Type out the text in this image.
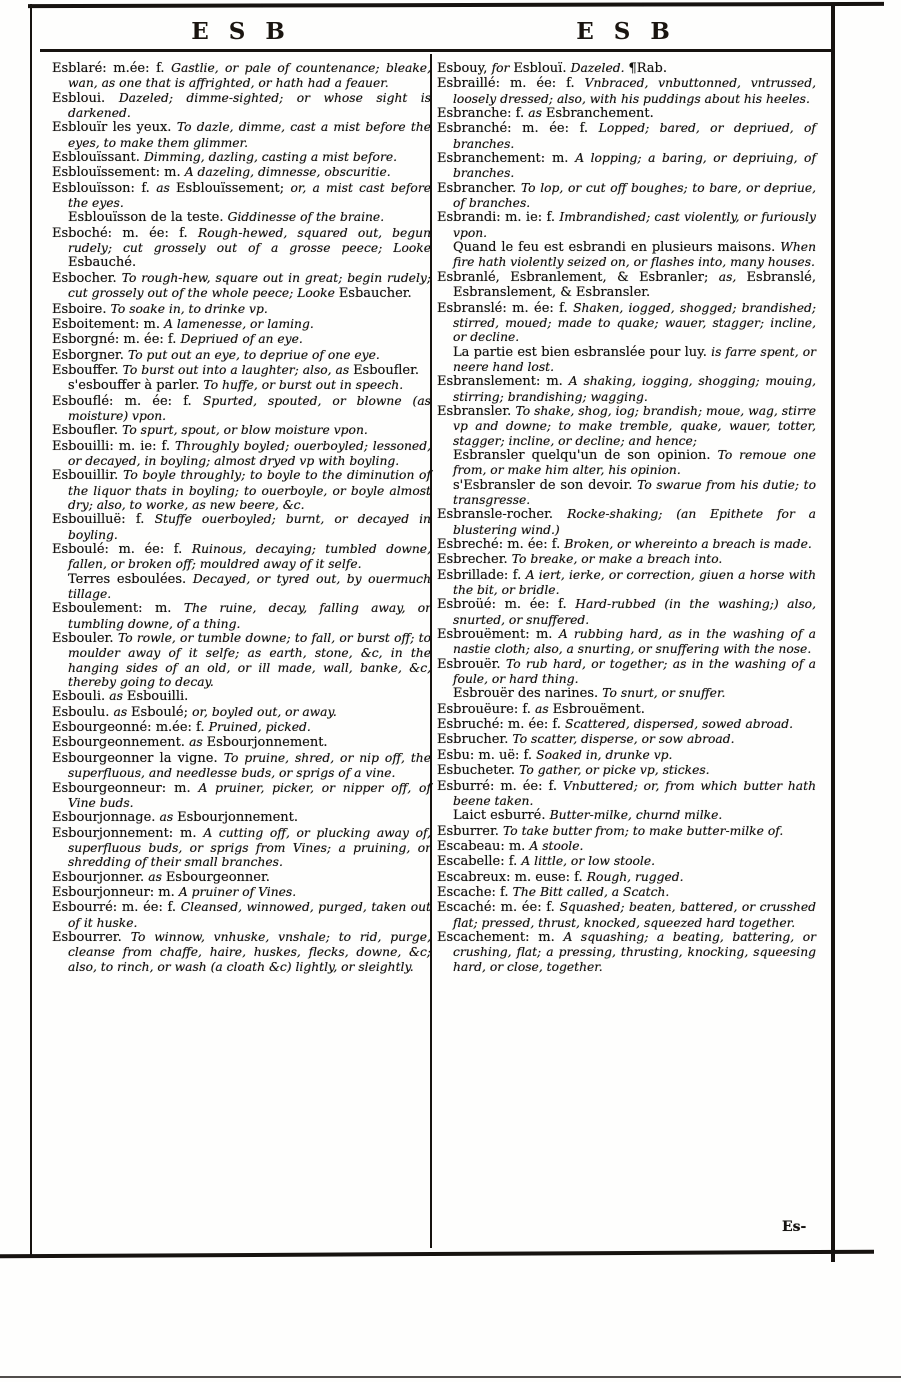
E S B	E S B

Esblaré: m.ée: f. Gastlie, or pale of countenance; bleake, wan, as one that is affrighted, or hath had a feauer.

Esbloui. Dazeled; dimme-sighted; or whose sight is darkened.

Esblouïr les yeux. To dazle, dimme, cast a mist before the eyes, to make them glimmer.

Esblouïssant. Dimming, dazling, casting a mist before.

Esblouïssement: m. A dazeling, dimnesse, obscuritie.

Esblouïsson: f. as Esblouïssement; or, a mist cast before the eyes.

Esblouïsson de la teste. Giddinesse of the braine.

Esboché: m. ée: f. Rough-hewed, squared out, begun rudely; cut grossely out of a grosse peece; Looke Esbauché.

Esbocher. To rough-hew, square out in great; begin rudely; cut grossely out of the whole peece; Looke Esbaucher.

Esboire. To soake in, to drinke vp.

Esboitement: m. A lamenesse, or laming.

Esborgné: m. ée: f. Depriued of an eye.

Esborgner. To put out an eye, to depriue of one eye.

Esbouffer. To burst out into a laughter; also, as Esboufler.

s'esbouffer à parler. To huffe, or burst out in speech.

Esbouflé: m. ée: f. Spurted, spouted, or blowne (as moisture) vpon.

Esboufler. To spurt, spout, or blow moisture vpon.

Esbouilli: m. ie: f. Throughly boyled; ouerboyled; lessoned, or decayed, in boyling; almost dryed vp with boyling.

Esbouillir. To boyle throughly; to boyle to the diminution of the liquor thats in boyling; to ouerboyle, or boyle almost dry; also, to worke, as new beere, &c.

Esbouilluë: f. Stuffe ouerboyled; burnt, or decayed in boyling.

Esboulé: m. ée: f. Ruinous, decaying; tumbled downe, fallen, or broken off; mouldred away of it selfe.

Terres esboulées. Decayed, or tyred out, by ouermuch tillage.

Esboulement: m. The ruine, decay, falling away, or tumbling downe, of a thing.

Esbouler. To rowle, or tumble downe; to fall, or burst off; to moulder away of it selfe; as earth, stone, &c, in the hanging sides of an old, or ill made, wall, banke, &c, thereby going to decay.

Esbouli. as Esbouilli.

Esboulu. as Esboulé; or, boyled out, or away.

Esbourgeonné: m.ée: f. Pruined, picked.

Esbourgeonnement. as Esbourjonnement.

Esbourgeonner la vigne. To pruine, shred, or nip off, the superfluous, and needlesse buds, or sprigs of a vine.

Esbourgeonneur: m. A pruiner, picker, or nipper off, of Vine buds.

Esbourjonnage. as Esbourjonnement.

Esbourjonnement: m. A cutting off, or plucking away of, superfluous buds, or sprigs from Vines; a pruining, or shredding of their small branches.

Esbourjonner. as Esbourgeonner.

Esbourjonneur: m. A pruiner of Vines.

Esbourré: m. ée: f. Cleansed, winnowed, purged, taken out of it huske.

Esbourrer. To winnow, vnhuske, vnshale; to rid, purge, cleanse from chaffe, haire, huskes, flecks, downe, &c; also, to rinch, or wash (a cloath &c) lightly, or sleightly.

Esbouy, for Esblouï. Dazeled. ¶Rab.

Esbraillé: m. ée: f. Vnbraced, vnbuttonned, vntrussed, loosely dressed; also, with his puddings about his heeles.

Esbranche: f. as Esbranchement.

Esbranché: m. ée: f. Lopped; bared, or depriued, of branches.

Esbranchement: m. A lopping; a baring, or depriuing, of branches.

Esbrancher. To lop, or cut off boughes; to bare, or depriue, of branches.

Esbrandi: m. ie: f. Imbrandished; cast violently, or furiously vpon.

Quand le feu est esbrandi en plusieurs maisons. When fire hath violently seized on, or flashes into, many houses.

Esbranlé, Esbranlement, & Esbranler; as, Esbranslé, Esbranslement, & Esbransler.

Esbranslé: m. ée: f. Shaken, iogged, shogged; brandished; stirred, moued; made to quake; wauer, stagger; incline, or decline.

La partie est bien esbranslée pour luy. is farre spent, or neere hand lost.

Esbranslement: m. A shaking, iogging, shogging; mouing, stirring; brandishing; wagging.

Esbransler. To shake, shog, iog; brandish; moue, wag, stirre vp and downe; to make tremble, quake, wauer, totter, stagger; incline, or decline; and hence;

Esbransler quelqu'un de son opinion. To remoue one from, or make him alter, his opinion.

s'Esbransler de son devoir. To swarue from his dutie; to transgresse.

Esbransle-rocher. Rocke-shaking; (an Epithete for a blustering wind.)

Esbreché: m. ée: f. Broken, or whereinto a breach is made.

Esbrecher. To breake, or make a breach into.

Esbrillade: f. A iert, ierke, or correction, giuen a horse with the bit, or bridle.

Esbroüé: m. ée: f. Hard-rubbed (in the washing;) also, snurted, or snuffered.

Esbrouëment: m. A rubbing hard, as in the washing of a nastie cloth; also, a snurting, or snuffering with the nose.

Esbrouër. To rub hard, or together; as in the washing of a foule, or hard thing.

Esbrouër des narines. To snurt, or snuffer.

Esbrouëure: f. as Esbrouëment.

Esbruché: m. ée: f. Scattered, dispersed, sowed abroad.

Esbrucher. To scatter, disperse, or sow abroad.

Esbu: m. uë: f. Soaked in, drunke vp.

Esbucheter. To gather, or picke vp, stickes.

Esburré: m. ée: f. Vnbuttered; or, from which butter hath beene taken.

Laict esburré. Butter-milke, churnd milke.

Esburrer. To take butter from; to make butter-milke of.

Escabeau: m. A stoole.

Escabelle: f. A little, or low stoole.

Escabreux: m. euse: f. Rough, rugged.

Escache: f. The Bitt called, a Scatch.

Escaché: m. ée: f. Squashed; beaten, battered, or crusshed flat; pressed, thrust, knocked, squeezed hard together.

Escachement: m. A squashing; a beating, battering, or crushing, flat; a pressing, thrusting, knocking, squeesing hard, or close, together.

Es-
